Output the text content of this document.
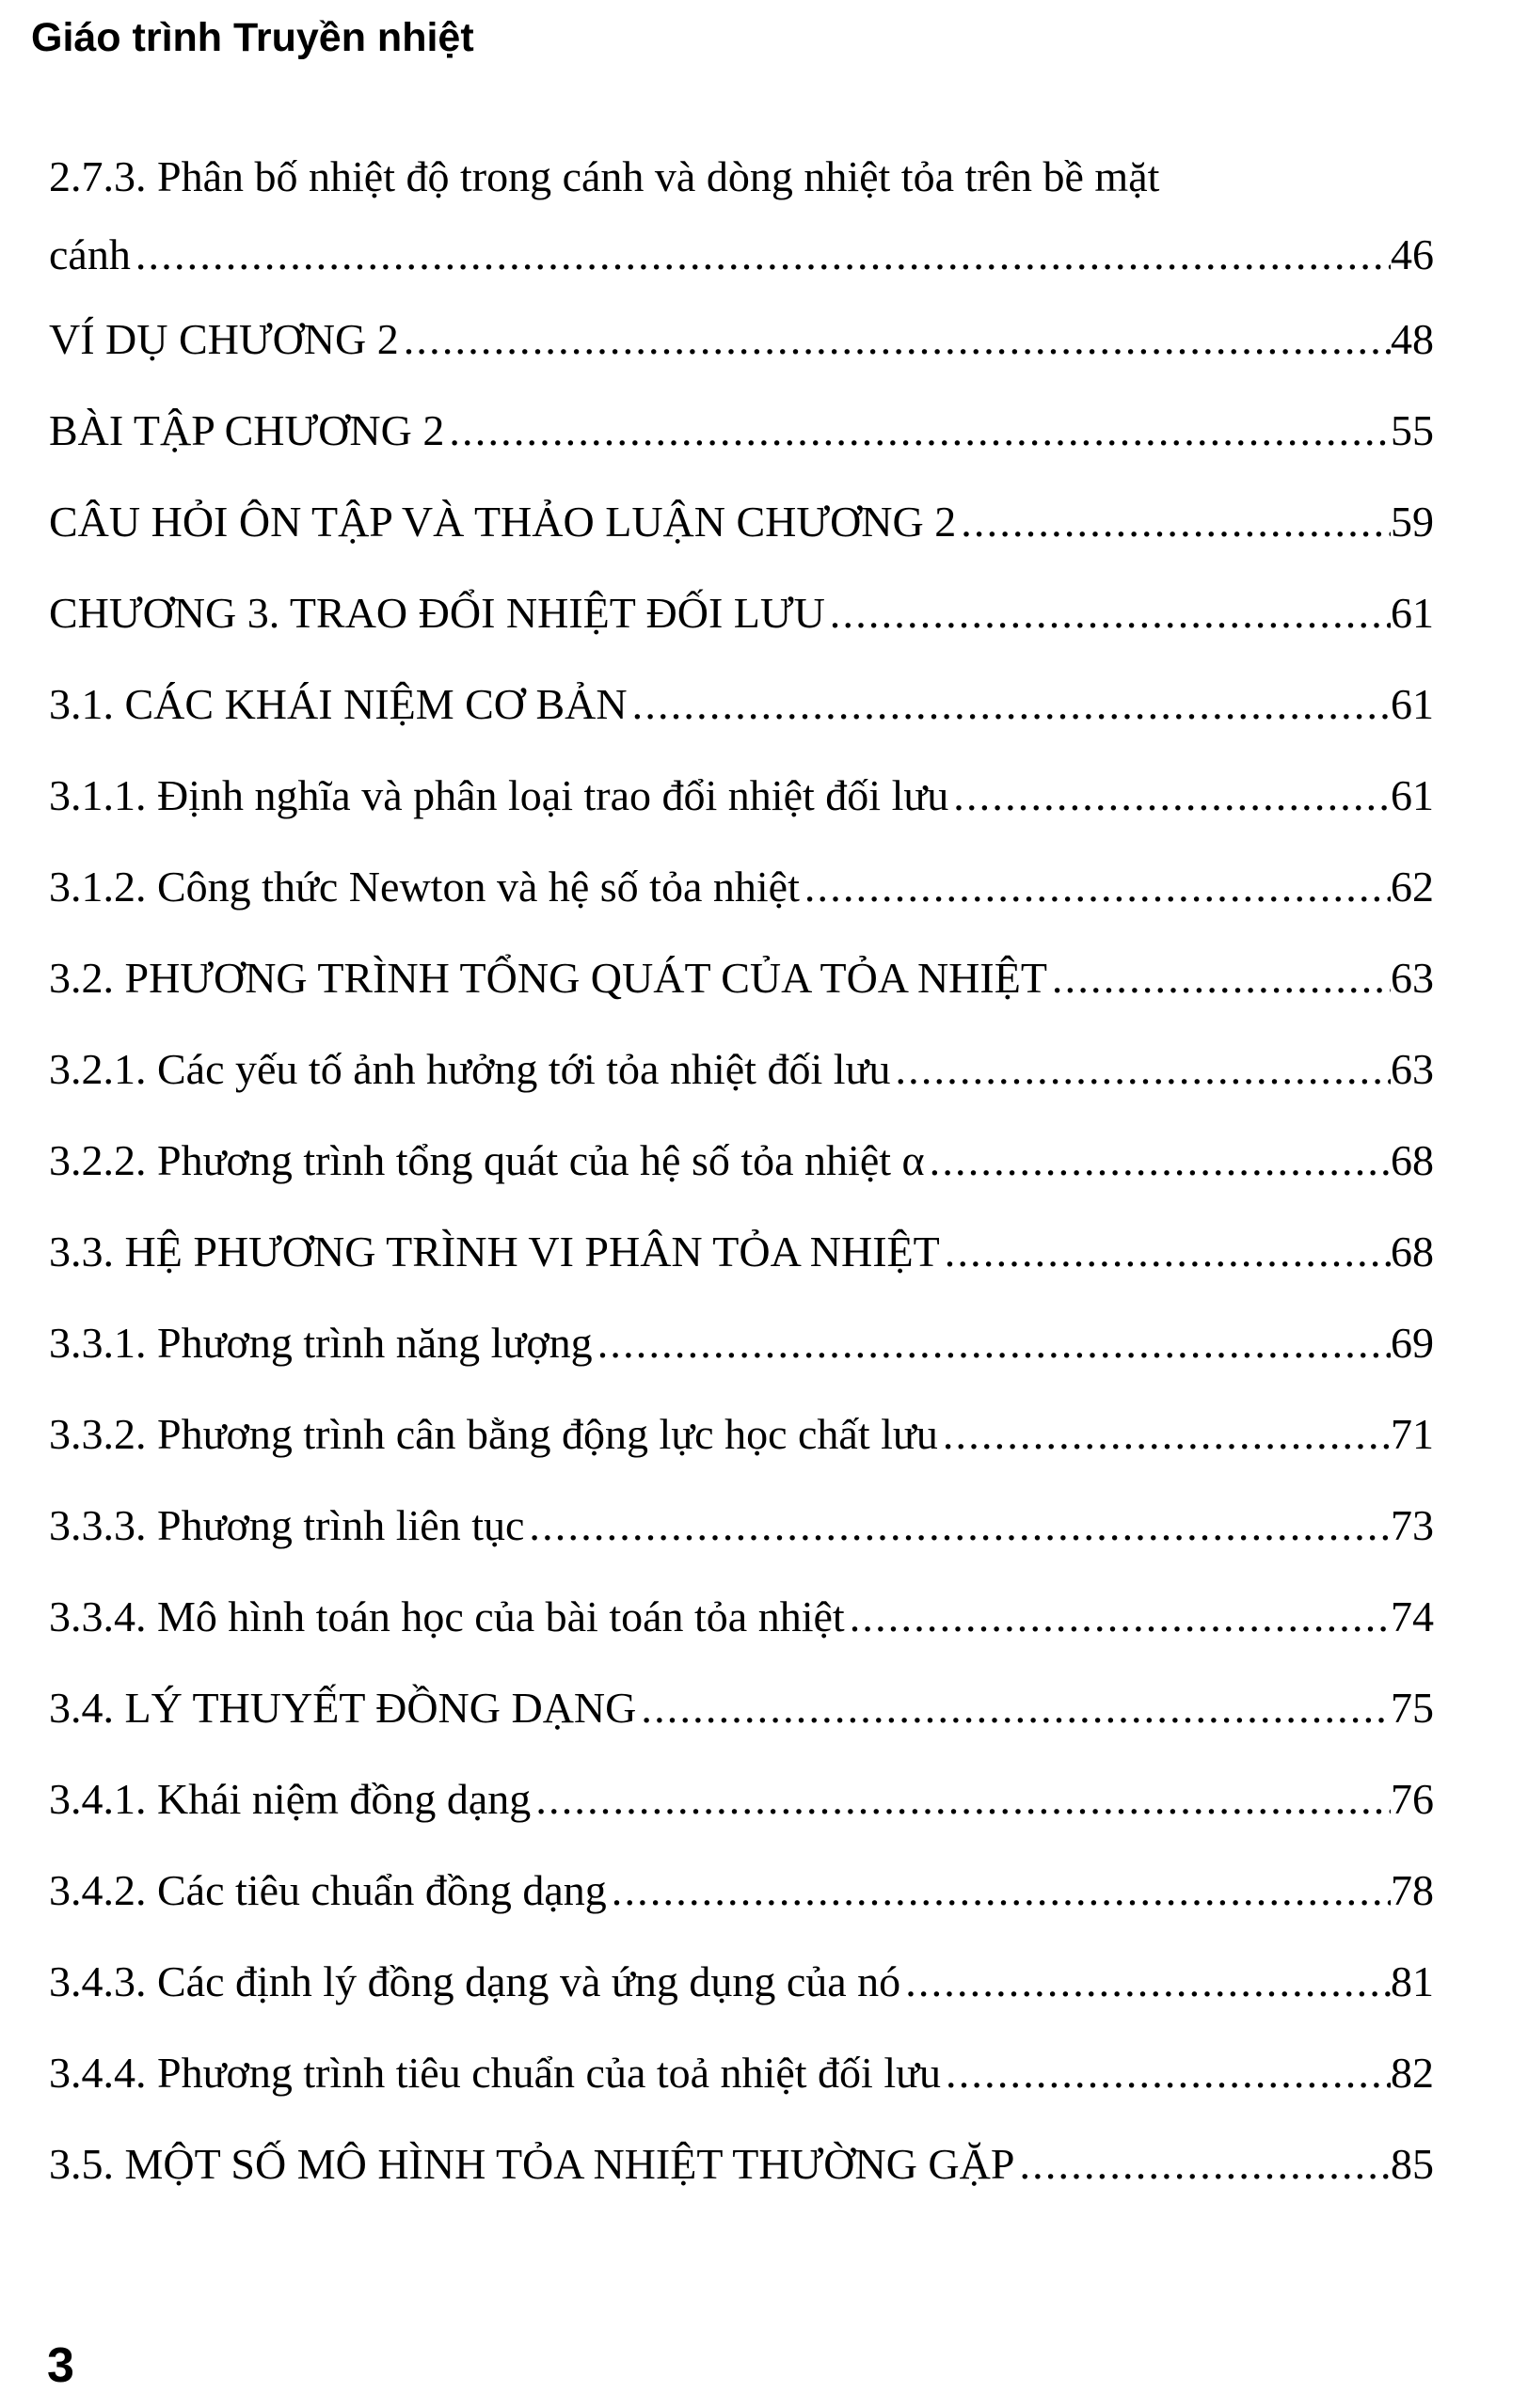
Giáo trình Truyền nhiệt
2.7.3. Phân bố nhiệt độ trong cánh và dòng nhiệt tỏa trên bề mặt
cánh .....	46
VÍ DỤ CHƯƠNG 2 .....	48
BÀI TẬP CHƯƠNG 2 .....	55
CÂU HỎI ÔN TẬP VÀ THẢO LUẬN CHƯƠNG 2 .....	59
CHƯƠNG 3. TRAO ĐỔI NHIỆT ĐỐI LƯU .....	61
3.1. CÁC KHÁI NIỆM CƠ BẢN .....	61
3.1.1. Định nghĩa và phân loại trao đổi nhiệt đối lưu .....	61
3.1.2. Công thức Newton và hệ số tỏa nhiệt .....	62
3.2. PHƯƠNG TRÌNH TỔNG QUÁT CỦA TỎA NHIỆT .....	63
3.2.1. Các yếu tố ảnh hưởng tới tỏa nhiệt đối lưu .....	63
3.2.2. Phương trình tổng quát của hệ số tỏa nhiệt α .....	68
3.3. HỆ PHƯƠNG TRÌNH VI PHÂN TỎA NHIỆT .....	68
3.3.1. Phương trình năng lượng .....	69
3.3.2. Phương trình cân bằng động lực học chất lưu .....	71
3.3.3. Phương trình liên tục .....	73
3.3.4. Mô hình toán học của bài toán tỏa nhiệt .....	74
3.4. LÝ THUYẾT ĐỒNG DẠNG .....	75
3.4.1. Khái niệm đồng dạng .....	76
3.4.2. Các tiêu chuẩn đồng dạng .....	78
3.4.3. Các định lý đồng dạng và ứng dụng của nó .....	81
3.4.4. Phương trình tiêu chuẩn của toả nhiệt đối lưu .....	82
3.5. MỘT SỐ MÔ HÌNH TỎA NHIỆT THƯỜNG GẶP .....	85
3
